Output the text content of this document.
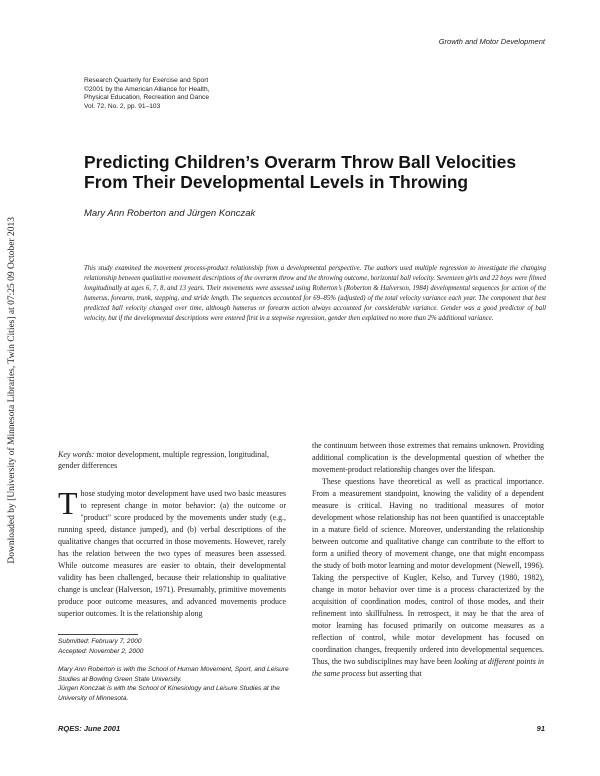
Downloaded by [University of Minnesota Libraries, Twin Cities] at 07:25 09 October 2013
Growth and Motor Development
Research Quarterly for Exercise and Sport
©2001 by the American Alliance for Health,
Physical Education, Recreation and Dance
Vol. 72, No. 2, pp. 91–103
Predicting Children’s Overarm Throw Ball Velocities
From Their Developmental Levels in Throwing
Mary Ann Roberton and Jürgen Konczak

This study examined the movement process-product relationship from a developmental perspective. The authors used multiple regression to investigate the changing relationship between qualitative movement descriptions of the overarm throw and the throwing outcome, horizontal ball velocity. Seventeen girls and 22 boys were filmed longitudinally at ages 6, 7, 8, and 13 years. Their movements were assessed using Roberton’s (Roberton & Halverson, 1984) developmental sequences for action of the humerus, forearm, trunk, stepping, and stride length. The sequences accounted for 69–85% (adjusted) of the total velocity variance each year. The component that best predicted ball velocity changed over time, although humerus or forearm action always accounted for considerable variance. Gender was a good predictor of ball velocity, but if the developmental descriptions were entered first in a stepwise regression, gender then explained no more than 2% additional variance.

Key words: motor development, multiple regression, longitudinal, gender differences

Those studying motor development have used two basic measures to represent change in motor behavior: (a) the outcome or "product" score produced by the movements under study (e.g., running speed, distance jumped), and (b) verbal descriptions of the qualitative changes that occurred in those movements. However, rarely has the relation between the two types of measures been assessed. While outcome measures are easier to obtain, their developmental validity has been challenged, because their relationship to qualitative change is unclear (Halverson, 1971). Presumably, primitive movements produce poor outcome measures, and advanced movements produce superior outcomes. It is the relationship along

the continuum between those extremes that remains unknown. Providing additional complication is the developmental question of whether the movement-product relationship changes over the lifespan.

These questions have theoretical as well as practical importance. From a measurement standpoint, knowing the validity of a dependent measure is critical. Having no traditional measures of motor development whose relationship has not been quantified is unacceptable in a mature field of science. Moreover, understanding the relationship between outcome and qualitative change can contribute to the effort to form a unified theory of movement change, one that might encompass the study of both motor learning and motor development (Newell, 1996). Taking the perspective of Kugler, Kelso, and Turvey (1980, 1982), change in motor behavior over time is a process characterized by the acquisition of coordination modes, control of those modes, and their refinement into skillfulness. In retrospect, it may be that the area of motor learning has focused primarily on outcome measures as a reflection of control, while motor development has focused on coordination changes, frequently ordered into developmental sequences. Thus, the two subdisciplines may have been looking at different points in the same process but asserting that

Submitted: February 7, 2000
Accepted: November 2, 2000
Mary Ann Roberton is with the School of Human Movement, Sport, and Leisure Studies at Bowling Green State University.
Jürgen Konczak is with the School of Kinesiology and Leisure Studies at the University of Minnesota.
RQES: June 2001	91
